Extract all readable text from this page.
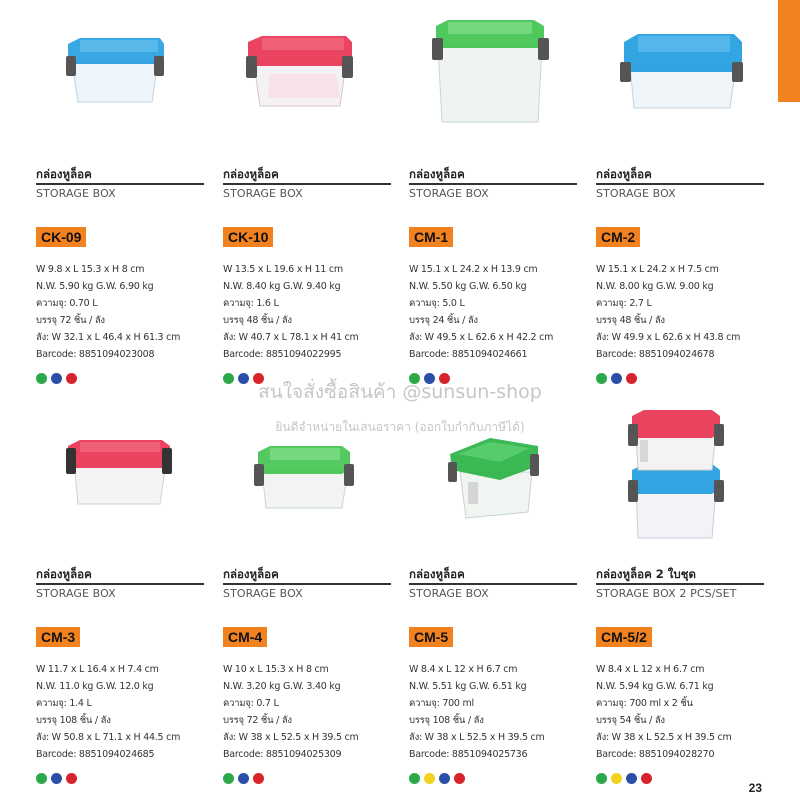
กล่องหูล็อค
STORAGE BOX
CK-09
W 9.8 x L 15.3 x H 8 cm
N.W. 5.90 kg G.W. 6.90 kg
ความจุ: 0.70 L
บรรจุ 72 ชิ้น / ลัง
ลัง: W 32.1 x L 46.4 x H 61.3 cm
Barcode: 8851094023008
กล่องหูล็อค
STORAGE BOX
CK-10
W 13.5 x L 19.6 x H 11 cm
N.W. 8.40 kg G.W. 9.40 kg
ความจุ: 1.6 L
บรรจุ 48 ชิ้น / ลัง
ลัง: W 40.7 x L 78.1 x H 41 cm
Barcode: 8851094022995
กล่องหูล็อค
STORAGE BOX
CM-1
W 15.1 x L 24.2 x H 13.9 cm
N.W. 5.50 kg G.W. 6.50 kg
ความจุ: 5.0 L
บรรจุ 24 ชิ้น / ลัง
ลัง: W 49.5 x L 62.6 x H 42.2 cm
Barcode: 8851094024661
กล่องหูล็อค
STORAGE BOX
CM-2
W 15.1 x L 24.2 x H 7.5 cm
N.W. 8.00 kg G.W. 9.00 kg
ความจุ: 2.7 L
บรรจุ 48 ชิ้น / ลัง
ลัง: W 49.9 x L 62.6 x H 43.8 cm
Barcode: 8851094024678
กล่องหูล็อค
STORAGE BOX
CM-3
W 11.7 x L 16.4 x H 7.4 cm
N.W. 11.0 kg G.W. 12.0 kg
ความจุ: 1.4 L
บรรจุ 108 ชิ้น / ลัง
ลัง: W 50.8 x L 71.1 x H 44.5 cm
Barcode: 8851094024685
กล่องหูล็อค
STORAGE BOX
CM-4
W 10 x L 15.3 x H 8 cm
N.W. 3.20 kg G.W. 3.40 kg
ความจุ: 0.7 L
บรรจุ 72 ชิ้น / ลัง
ลัง: W 38 x L 52.5 x H 39.5 cm
Barcode: 8851094025309
กล่องหูล็อค
STORAGE BOX
CM-5
W 8.4 x L 12 x H 6.7 cm
N.W. 5.51 kg G.W. 6.51 kg
ความจุ: 700 ml
บรรจุ 108 ชิ้น / ลัง
ลัง: W 38 x L 52.5 x H 39.5 cm
Barcode: 8851094025736
กล่องหูล็อค 2 ใบชุด
STORAGE BOX 2 PCS/SET
CM-5/2
W 8.4 x L 12 x H 6.7 cm
N.W. 5.94 kg G.W. 6.71 kg
ความจุ: 700 ml x 2 ชิ้น
บรรจุ 54 ชิ้น / ลัง
ลัง: W 38 x L 52.5 x H 39.5 cm
Barcode: 8851094028270
สนใจสั่งซื้อสินค้า @sunsun-shop
ยินดีจำหน่ายในเสนอราคา (ออกใบกำกับภาษีได้)
23
